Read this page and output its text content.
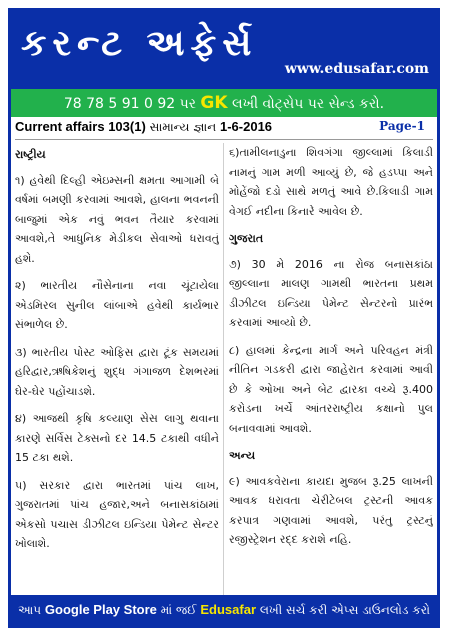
કરન્ટ અફેર્સ
www.edusafar.com
78 78 5 91 0 92 પર GK લખી વોટ્સેપ પર સેન્ડ કરો.
Current affairs 103(1) સામાન્ય જ્ઞાન 1-6-2016	Page-1
રાષ્ટ્રીય
૧) હવેથી દિલ્હી એઇમ્સની ક્ષમતા આગામી બે વર્ષમાં બમણી કરવામાં આવશે, હાલના ભવનની બાજુમાં એક નવું ભવન તૈયાર કરવામાં આવશે,તે આધુનિક મેડીકલ સેવાઓ ધરાવતું હશે.
૨) ભારતીય નૌસેનાના નવા ચૂંટાયેલા એડમિરલ સુનીલ લાંબાએ હવેથી કાર્યભાર સંભાળેલ છે.
૩) ભારતીય પોસ્ટ ઓફિસ દ્વારા ટૂંક સમયમાં હરિદ્વાર,ઋષિકેશનું શુદ્ધ ગંગાજળ દેશભરમાં ઘેર-ઘેર પહોંચાડશે.
૪) આજથી કૃષિ કલ્યાણ સેસ લાગુ થવાના કારણે સર્વિસ ટેક્સનો દર 14.5 ટકાથી વધીને 15 ટકા થશે.
૫) સરકાર દ્વારા ભારતમાં પાંચ લાખ, ગુજરાતમાં પાંચ હજાર,અને બનાસકાંઠામાં એકસો પચાસ ડીઝીટલ ઇન્ડિયા પેમેન્ટ સેન્ટર ખોલાશે.
૬)તામીલનાડુના શિવગંગા જીલ્લામાં કિલાડી નામનું ગામ મળી આવ્યું છે, જે હડપ્પા અને મોહેંજો દડો સાથે મળતું આવે છે.કિલાડી ગામ વેગઈ નદીના કિનારે આવેલ છે.
ગુજરાત
૭) 30 મે 2016 ના રોજ બનાસકાંઠા જીલ્લાના માલણ ગામથી ભારતના પ્રથમ ડીઝીટલ ઇન્ડિયા પેમેન્ટ સેન્ટરનો પ્રારંભ કરવામાં આવ્યો છે.
૮) હાલમાં કેન્દ્રના માર્ગ અને પરિવહન મંત્રી નીતિન ગડકરી દ્વારા જાહેરાત કરવામાં આવી છે કે ઓખા અને બેટ દ્વારકા વચ્ચે રૂ.400 કરોડના ખર્ચે આંતરરાષ્ટ્રીય કક્ષાનો પુલ બનાવવામાં આવશે.
અન્ય
૯) આવકવેરાના કાયદા મુજબ રૂ.25 લાખની આવક ધરાવતા ચેરીટેબલ ટ્રસ્ટની આવક કરપાત્ર ગણવામાં આવશે, પરંતુ ટ્રસ્ટનું રજીસ્ટ્રેશન રદ્દ કરાશે નહિ.
આપ Google Play Store માં જઈ Edusafar લખી સર્ચ કરી એપ્સ ડાઉનલોડ કરો
